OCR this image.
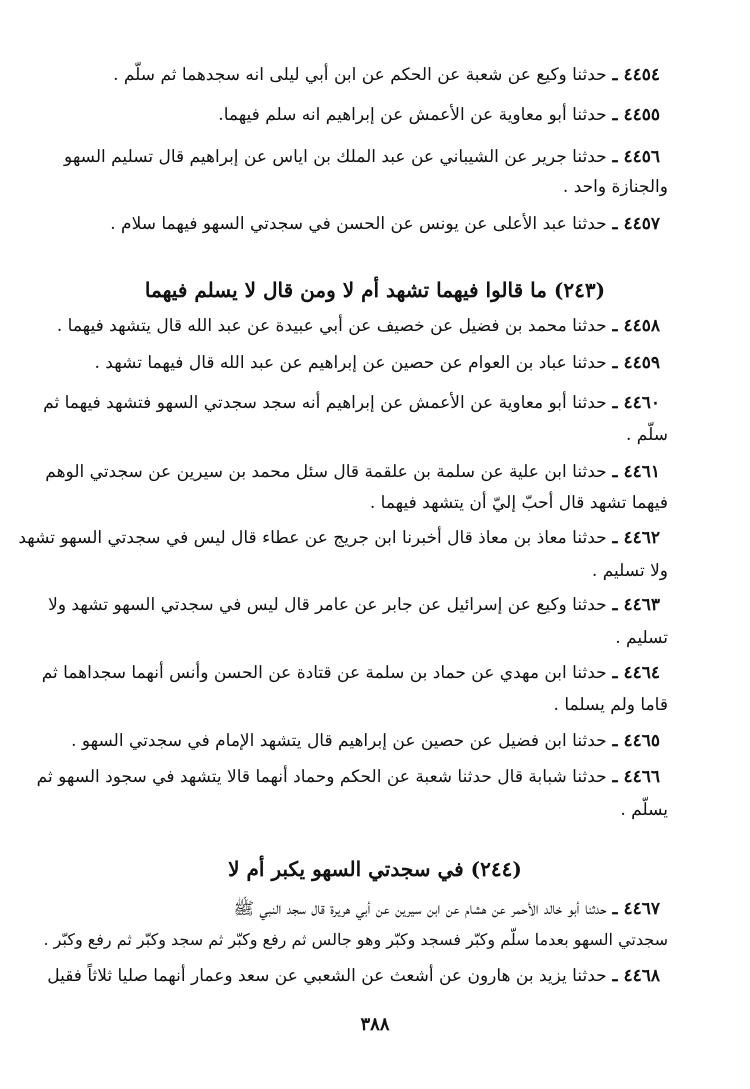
٤٤٥٤ ـ حدثنا وكيع عن شعبة عن الحكم عن ابن أبي ليلى انه سجدهما ثم سلّم .
٤٤٥٥ ـ حدثنا أبو معاوية عن الأعمش عن إبراهيم انه سلم فيهما.
٤٤٥٦ ـ حدثنا جرير عن الشيباني عن عبد الملك بن اياس عن إبراهيم قال تسليم السهو
والجنازة واحد .
٤٤٥٧ ـ حدثنا عبد الأعلى عن يونس عن الحسن في سجدتي السهو فيهما سلام .
(٢٤٣) ما قالوا فيهما تشهد أم لا ومن قال لا يسلم فيهما
٤٤٥٨ ـ حدثنا محمد بن فضيل عن خصيف عن أبي عبيدة عن عبد الله قال يتشهد فيهما .
٤٤٥٩ ـ حدثنا عباد بن العوام عن حصين عن إبراهيم عن عبد الله قال فيهما تشهد .
٤٤٦٠ ـ حدثنا أبو معاوية عن الأعمش عن إبراهيم أنه سجد سجدتي السهو فتشهد فيهما ثم
سلّم .
٤٤٦١ ـ حدثنا ابن علية عن سلمة بن علقمة قال سئل محمد بن سيرين عن سجدتي الوهم
فيهما تشهد قال أحبّ إليّ أن يتشهد فيهما .
٤٤٦٢ ـ حدثنا معاذ بن معاذ قال أخبرنا ابن جريج عن عطاء قال ليس في سجدتي السهو تشهد
ولا تسليم .
٤٤٦٣ ـ حدثنا وكيع عن إسرائيل عن جابر عن عامر قال ليس في سجدتي السهو تشهد ولا
تسليم .
٤٤٦٤ ـ حدثنا ابن مهدي عن حماد بن سلمة عن قتادة عن الحسن وأنس أنهما سجداهما ثم
قاما ولم يسلما .
٤٤٦٥ ـ حدثنا ابن فضيل عن حصين عن إبراهيم قال يتشهد الإمام في سجدتي السهو .
٤٤٦٦ ـ حدثنا شبابة قال حدثنا شعبة عن الحكم وحماد أنهما قالا يتشهد في سجود السهو ثم
يسلّم .
(٢٤٤) في سجدتي السهو يكبر أم لا
٤٤٦٧ ـ حدثنا أبو خالد الأحمر عن هشام عن ابن سيرين عن أبي هريرة قال سجد النبي ﷺ
سجدتي السهو بعدما سلّم وكبّر فسجد وكبّر وهو جالس ثم رفع وكبّر ثم سجد وكبّر ثم رفع وكبّر .
٤٤٦٨ ـ حدثنا يزيد بن هارون عن أشعث عن الشعبي عن سعد وعمار أنهما صليا ثلاثاً فقيل
٣٨٨
